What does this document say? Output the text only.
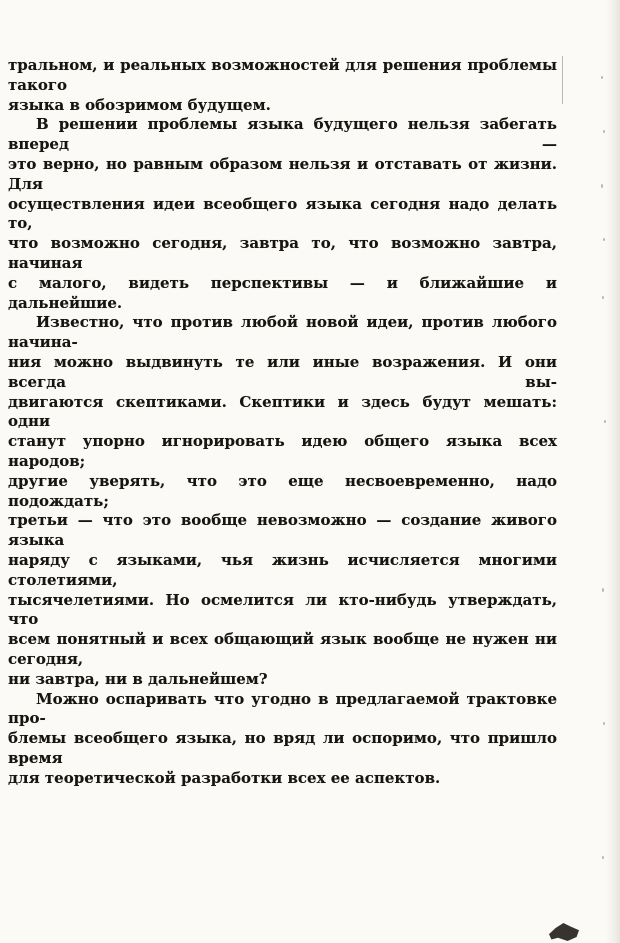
тральном, и реальных возможностей для решения проблемы такого
языка в обозримом будущем.
В решении проблемы языка будущего нельзя забегать вперед —
это верно, но равным образом нельзя и отставать от жизни. Для
осуществления идеи всеобщего языка сегодня надо делать то,
что возможно сегодня, завтра то, что возможно завтра, начиная
с малого, видеть перспективы — и ближайшие и дальнейшие.
Известно, что против любой новой идеи, против любого начина-
ния можно выдвинуть те или иные возражения. И они всегда вы-
двигаются скептиками. Скептики и здесь будут мешать: одни
станут упорно игнорировать идею общего языка всех народов;
другие уверять, что это еще несвоевременно, надо подождать;
третьи — что это вообще невозможно — создание живого языка
наряду с языками, чья жизнь исчисляется многими столетиями,
тысячелетиями. Но осмелится ли кто-нибудь утверждать, что
всем понятный и всех общающий язык вообще не нужен ни сегодня,
ни завтра, ни в дальнейшем?
Можно оспаривать что угодно в предлагаемой трактовке про-
блемы всеобщего языка, но вряд ли оспоримо, что пришло время
для теоретической разработки всех ее аспектов.
